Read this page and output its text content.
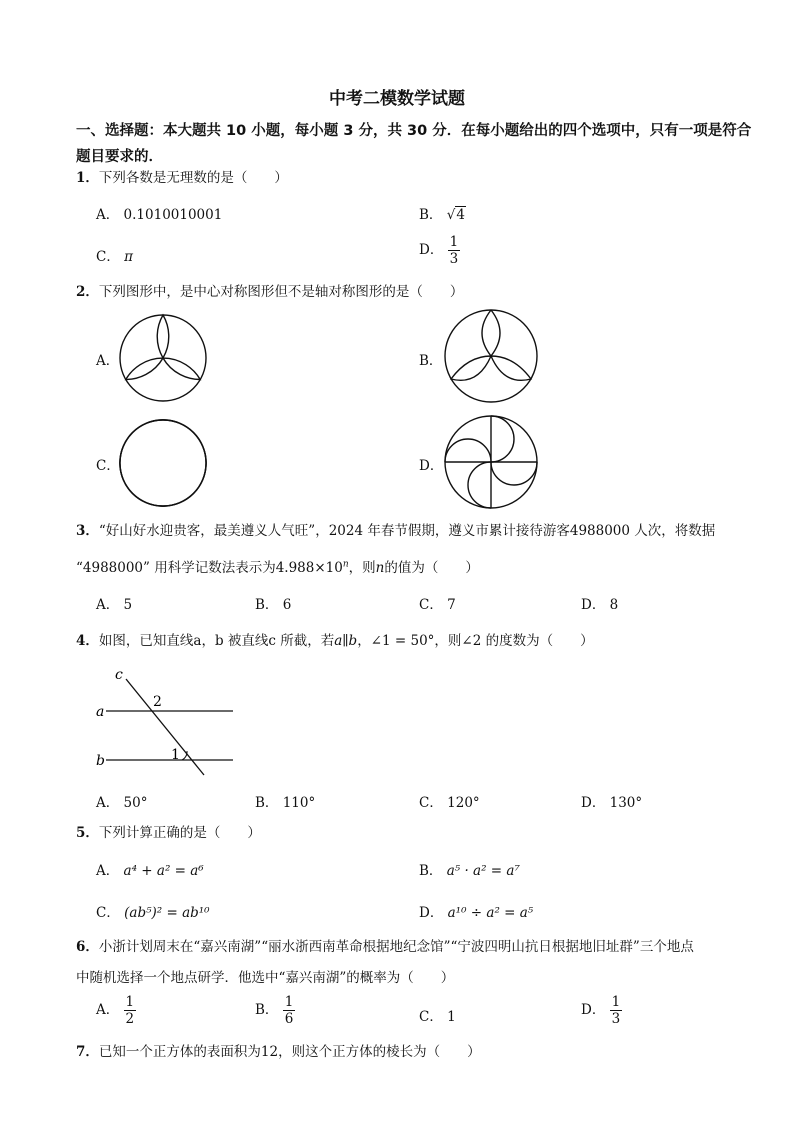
中考二模数学试题
一、选择题：本大题共 10 小题，每小题 3 分，共 30 分．在每小题给出的四个选项中，只有一项是符合题目要求的．
1．下列各数是无理数的是（　　）
A． 0.1010010001	B． √4
C． π	D． $\frac{1}{3}$
2．下列图形中，是中心对称图形但不是轴对称图形的是（　　）
A．	B．
C．	D．
3．“好山好水迎贵客，最美遵义人气旺”，2024 年春节假期，遵义市累计接待游客4988000 人次，将数据
“4988000” 用科学记数法表示为$4.988\times 10^n$，则n的值为（　　）
A． 5	B． 6	C． 7	D． 8
4．如图，已知直线a，b 被直线c 所截，若a∥b，∠1 = 50°，则∠2 的度数为（　　）
c
a
b
2
1
A． 50°	B． 110°	C． 120°	D． 130°
5．下列计算正确的是（　　）
A． a⁴ + a² = a⁶	B． a⁵ · a² = a⁷
C． (ab⁵)² = ab¹⁰	D． a¹⁰ ÷ a² = a⁵
6．小浙计划周末在“嘉兴南湖”“丽水浙西南革命根据地纪念馆”“宁波四明山抗日根据地旧址群”三个地点
中随机选择一个地点研学．他选中“嘉兴南湖”的概率为（　　）
A． $\frac{1}{2}$	B． $\frac{1}{6}$	C． 1	D． $\frac{1}{3}$
7．已知一个正方体的表面积为12，则这个正方体的棱长为（　　）
